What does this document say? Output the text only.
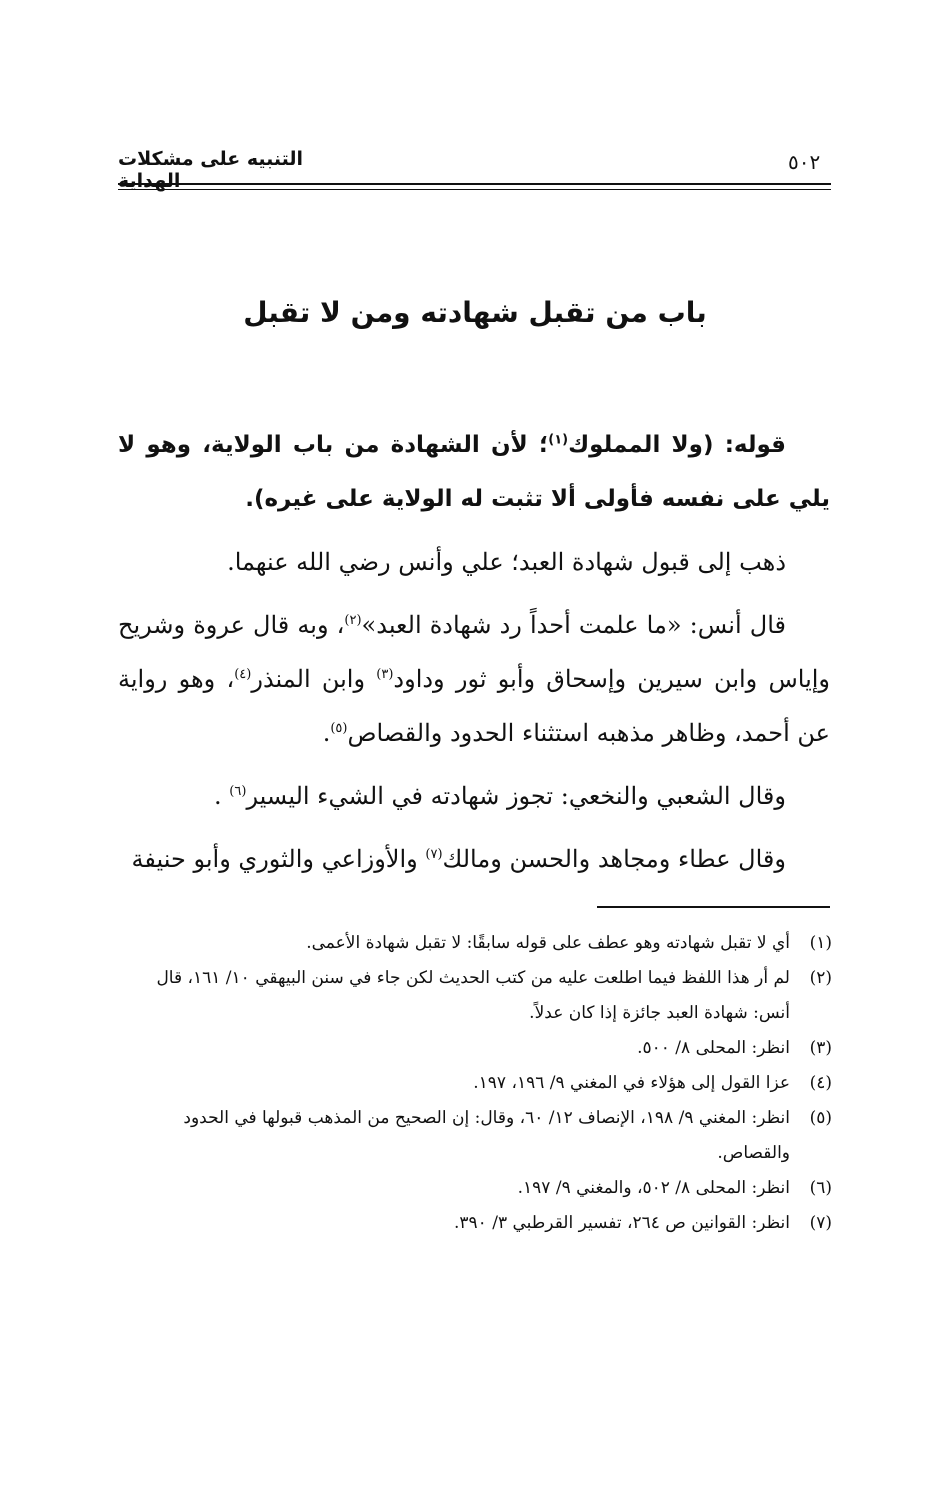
٥٠٢
التنبيه على مشكلات الهداية
باب من تقبل شهادته ومن لا تقبل

قوله: (ولا المملوك$^{(١)}$؛ لأن الشهادة من باب الولاية، وهو لا يلي على نفسه فأولى ألا تثبت له الولاية على غيره).

ذهب إلى قبول شهادة العبد؛ علي وأنس رضي الله عنهما.

قال أنس: «ما علمت أحداً رد شهادة العبد»$^{(٢)}$، وبه قال عروة وشريح وإياس وابن سيرين وإسحاق وأبو ثور وداود$^{(٣)}$ وابن المنذر$^{(٤)}$، وهو رواية عن أحمد، وظاهر مذهبه استثناء الحدود والقصاص$^{(٥)}$.

وقال الشعبي والنخعي: تجوز شهادته في الشيء اليسير$^{(٦)}$ .

وقال عطاء ومجاهد والحسن ومالك$^{(٧)}$ والأوزاعي والثوري وأبو حنيفة

(١)
أي لا تقبل شهادته وهو عطف على قوله سابقًا: لا تقبل شهادة الأعمى.
(٢)
لم أر هذا اللفظ فيما اطلعت عليه من كتب الحديث لكن جاء في سنن البيهقي ١٠/ ١٦١، قال أنس: شهادة العبد جائزة إذا كان عدلاً.
(٣)
انظر: المحلى ٨/ ٥٠٠.
(٤)
عزا القول إلى هؤلاء في المغني ٩/ ١٩٦، ١٩٧.
(٥)
انظر: المغني ٩/ ١٩٨، الإنصاف ١٢/ ٦٠، وقال: إن الصحيح من المذهب قبولها في الحدود والقصاص.
(٦)
انظر: المحلى ٨/ ٥٠٢، والمغني ٩/ ١٩٧.
(٧)
انظر: القوانين ص ٢٦٤، تفسير القرطبي ٣/ ٣٩٠.
